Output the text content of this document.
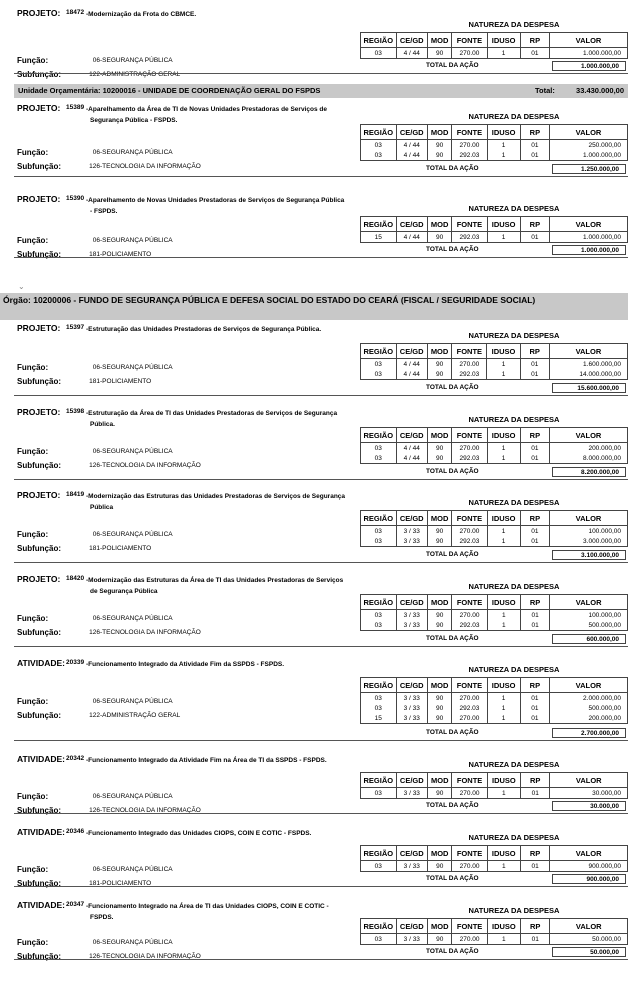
Unidade Orçamentária: 10200016 - UNIDADE DE COORDENAÇÃO GERAL DO FSPDS	Total:	33.430.000,00
⌄
Órgão: 10200006 - FUNDO DE SEGURANÇA PÚBLICA E DEFESA SOCIAL DO ESTADO DO CEARÁ (FISCAL / SEGURIDADE SOCIAL)
PROJETO: 18472 - Modernização da Frota do CBMCE.
NATUREZA DA DESPESA
REGIÃO	CE/GD	MOD	FONTE	IDUSO	RP	VALOR
03	4 / 44	90	270.00	1	01	1.000.000,00
Função:	06 -SEGURANÇA PÚBLICA
Subfunção:	122 -ADMINISTRAÇÃO GERAL
TOTAL DA AÇÃO	1.000.000,00
PROJETO: 15389 - Aparelhamento da Área de TI de Novas Unidades Prestadoras de Serviços de Segurança Pública - FSPDS.	NATUREZA DA DESPESA
REGIÃO	CE/GD	MOD	FONTE	IDUSO	RP	VALOR
03	4 / 44	90	270.00	1	01	250.000,00
03	4 / 44	90	292.03	1	01	1.000.000,00
Função:	06 -SEGURANÇA PÚBLICA
Subfunção:	126 -TECNOLOGIA DA INFORMAÇÃO	TOTAL DA AÇÃO	1.250.000,00
PROJETO: 15390 - Aparelhamento de Novas Unidades Prestadoras de Serviços de Segurança Pública - FSPDS.	NATUREZA DA DESPESA
REGIÃO	CE/GD	MOD	FONTE	IDUSO	RP	VALOR
15	4 / 44	90	292.03	1	01	1.000.000,00
Função:	06 -SEGURANÇA PÚBLICA
Subfunção:	181 -POLICIAMENTO
TOTAL DA AÇÃO	1.000.000,00
PROJETO: 15397 - Estruturação das Unidades Prestadoras de Serviços de Segurança Pública.
NATUREZA DA DESPESA
REGIÃO	CE/GD	MOD	FONTE	IDUSO	RP	VALOR
03	4 / 44	90	270.00	1	01	1.600.000,00
03	4 / 44	90	292.03	1	01	14.000.000,00
Função:	06 -SEGURANÇA PÚBLICA
Subfunção:	181 -POLICIAMENTO
TOTAL DA AÇÃO	15.600.000,00
PROJETO: 15398 - Estruturação da Área de TI das Unidades Prestadoras de Serviços de Segurança Pública.
NATUREZA DA DESPESA
REGIÃO	CE/GD	MOD	FONTE	IDUSO	RP	VALOR
03	4 / 44	90	270.00	1	01	200.000,00
03	4 / 44	90	292.03	1	01	8.000.000,00
Função:	06 -SEGURANÇA PÚBLICA
Subfunção:	126 -TECNOLOGIA DA INFORMAÇÃO
TOTAL DA AÇÃO	8.200.000,00
PROJETO: 18419 - Modernização das Estruturas das Unidades Prestadoras de Serviços de Segurança Pública
NATUREZA DA DESPESA
REGIÃO	CE/GD	MOD	FONTE	IDUSO	RP	VALOR
03	3 / 33	90	270.00	1	01	100.000,00
03	3 / 33	90	292.03	1	01	3.000.000,00
Função:	06 -SEGURANÇA PÚBLICA
Subfunção:	181 -POLICIAMENTO
TOTAL DA AÇÃO	3.100.000,00
PROJETO: 18420 - Modernização das Estruturas da Área de TI das Unidades Prestadoras de Serviços de Segurança Pública
NATUREZA DA DESPESA
REGIÃO	CE/GD	MOD	FONTE	IDUSO	RP	VALOR
03	3 / 33	90	270.00	1	01	100.000,00
03	3 / 33	90	292.03	1	01	500.000,00
Função:	06 -SEGURANÇA PÚBLICA
Subfunção:	126 -TECNOLOGIA DA INFORMAÇÃO
TOTAL DA AÇÃO	600.000,00
ATIVIDADE: 20339 - Funcionamento Integrado da Atividade Fim da SSPDS - FSPDS.
NATUREZA DA DESPESA
REGIÃO	CE/GD	MOD	FONTE	IDUSO	RP	VALOR
03	3 / 33	90	270.00	1	01	2.000.000,00
03	3 / 33	90	292.03	1	01	500.000,00
15	3 / 33	90	270.00	1	01	200.000,00
Função:	06 -SEGURANÇA PÚBLICA
Subfunção:	122 -ADMINISTRAÇÃO GERAL
TOTAL DA AÇÃO	2.700.000,00
ATIVIDADE: 20342 - Funcionamento Integrado da Atividade Fim na Área de TI da SSPDS - FSPDS.	NATUREZA DA DESPESA
REGIÃO	CE/GD	MOD	FONTE	IDUSO	RP	VALOR
03	3 / 33	90	270.00	1	01	30.000,00
Função:	06 -SEGURANÇA PÚBLICA
Subfunção:	126 -TECNOLOGIA DA INFORMAÇÃO
TOTAL DA AÇÃO	30.000,00
ATIVIDADE: 20346 - Funcionamento Integrado das Unidades CIOPS, COIN E COTIC - FSPDS.	NATUREZA DA DESPESA
REGIÃO	CE/GD	MOD	FONTE	IDUSO	RP	VALOR
03	3 / 33	90	270.00	1	01	900.000,00
Função:	06 -SEGURANÇA PÚBLICA
Subfunção:	181 -POLICIAMENTO
TOTAL DA AÇÃO	900.000,00
ATIVIDADE: 20347 - Funcionamento Integrado na Área de TI das Unidades CIOPS, COIN E COTIC - FSPDS.
NATUREZA DA DESPESA
REGIÃO	CE/GD	MOD	FONTE	IDUSO	RP	VALOR
03	3 / 33	90	270.00	1	01	50.000,00
Função:	06 -SEGURANÇA PÚBLICA
Subfunção:	126 -TECNOLOGIA DA INFORMAÇÃO
TOTAL DA AÇÃO	50.000,00
